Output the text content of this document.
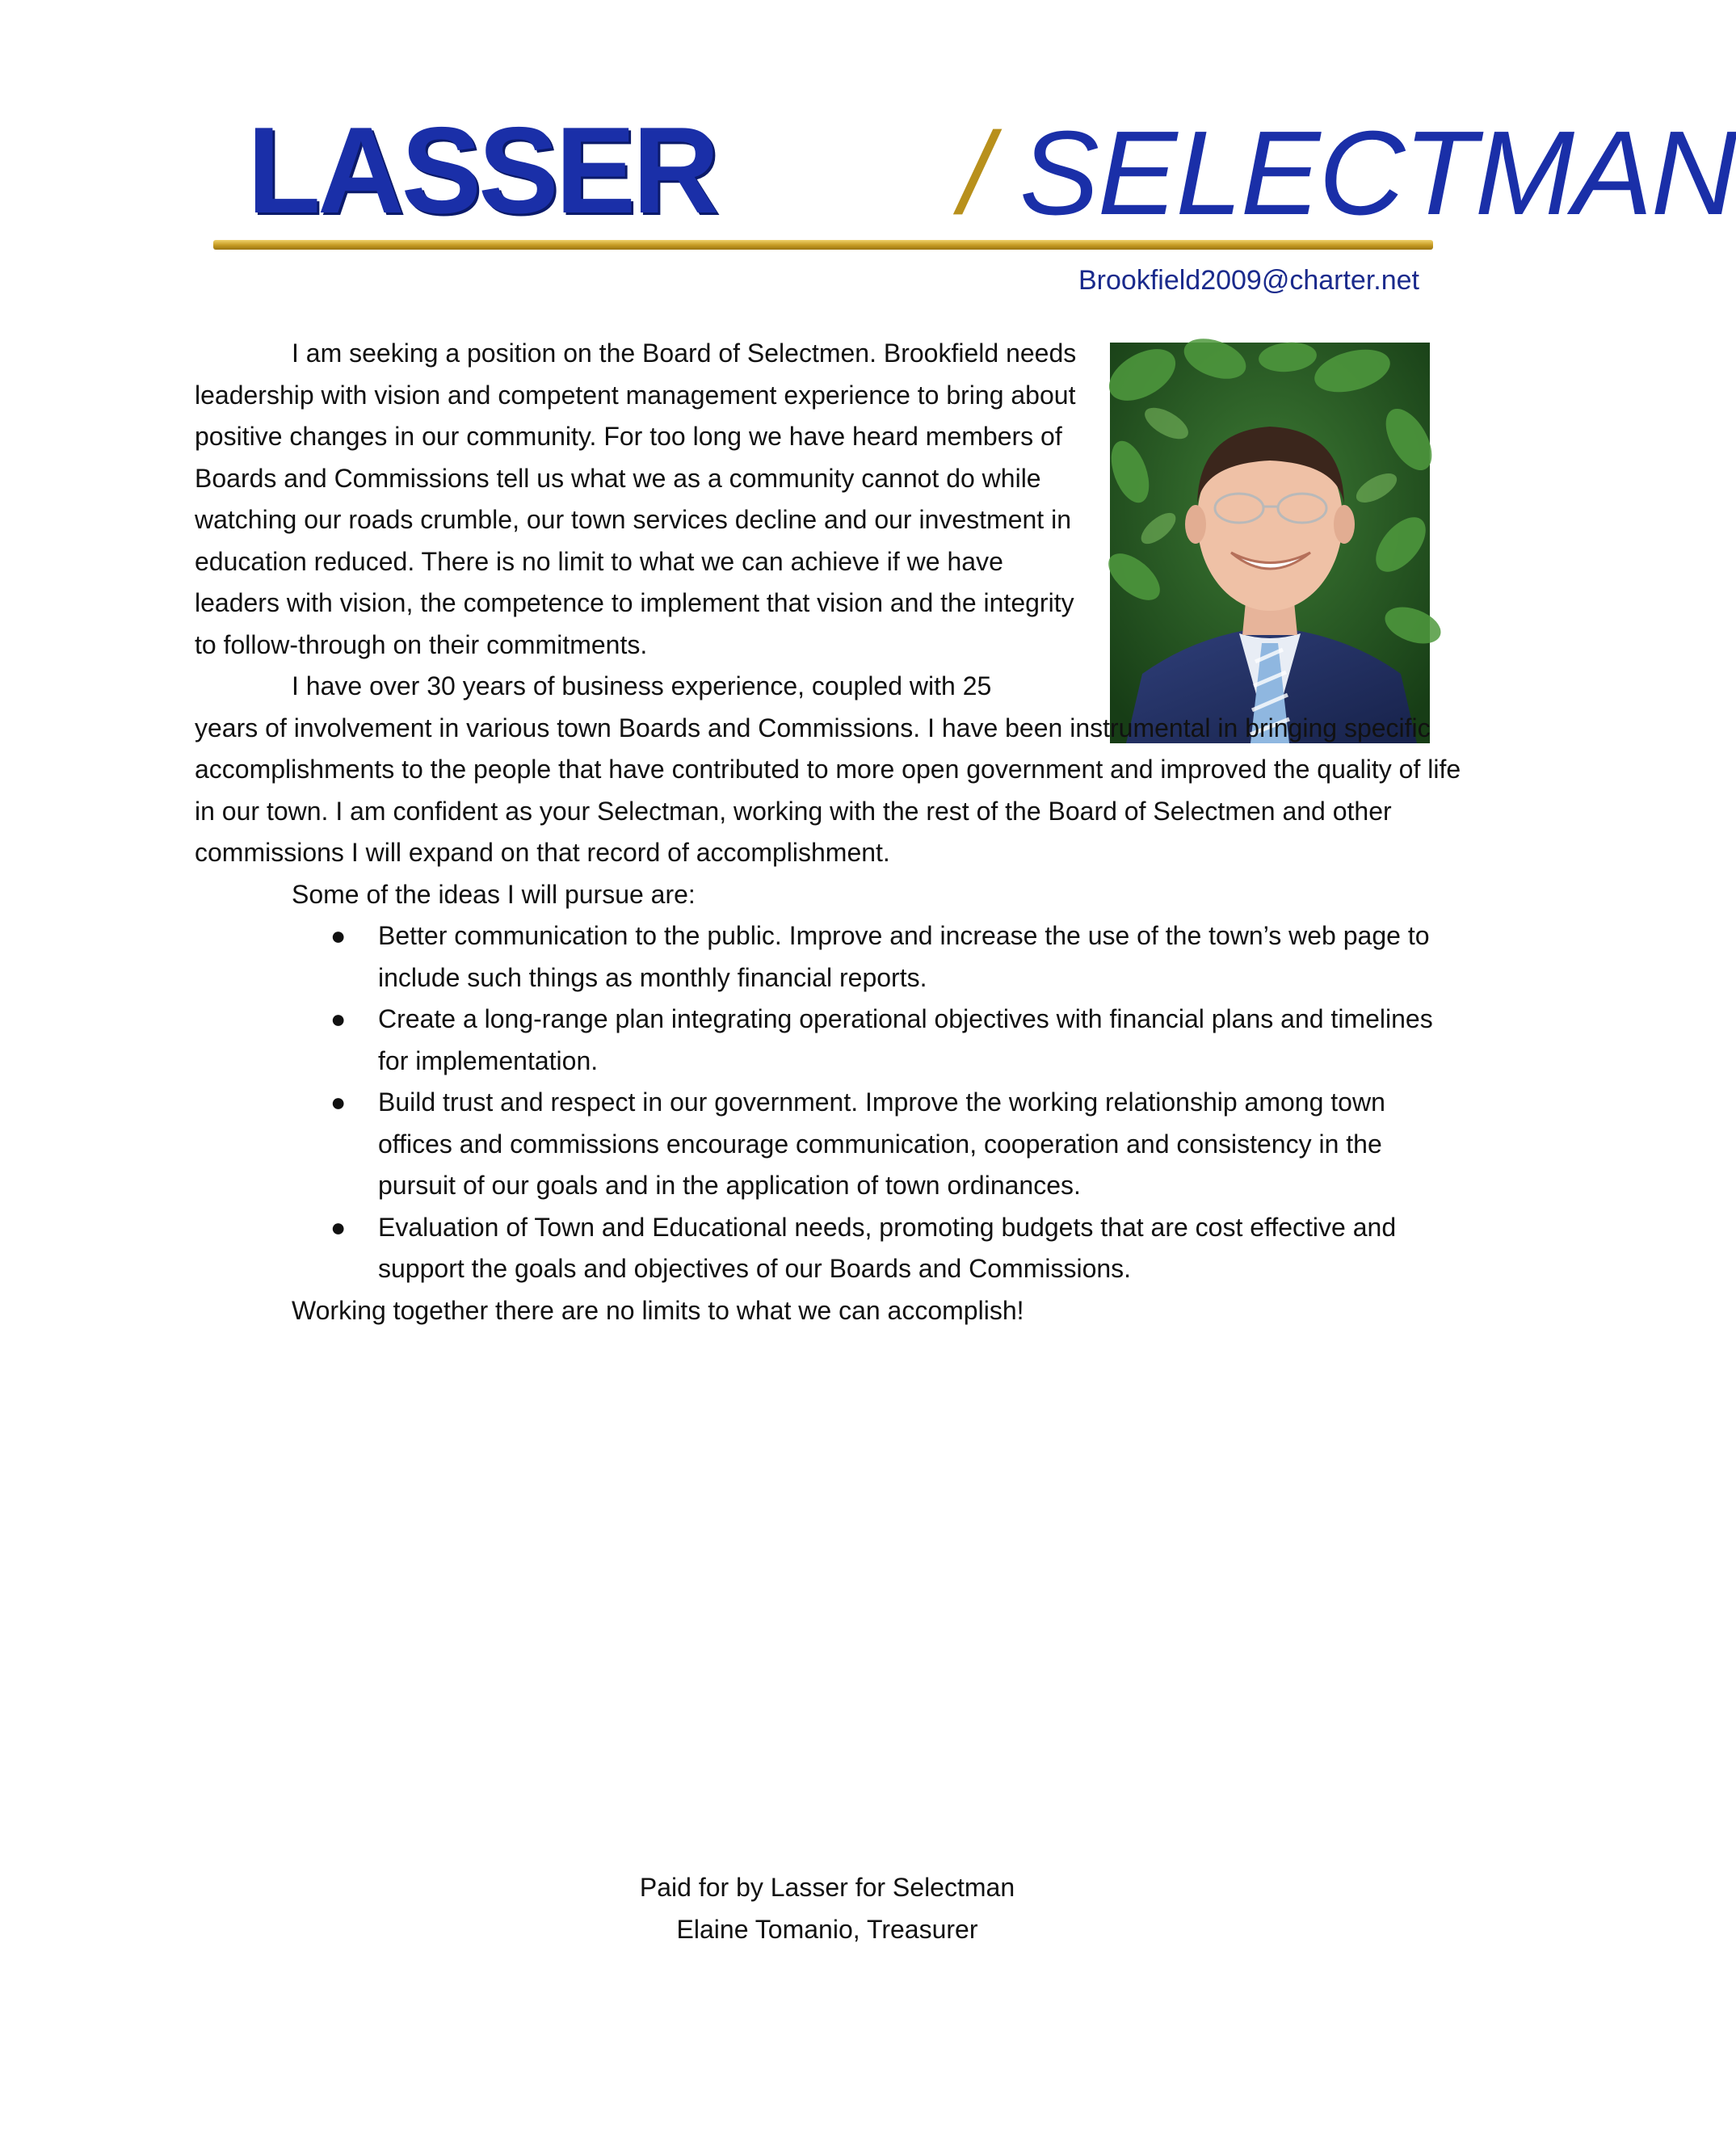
LASSER / SELECTMAN
Brookfield2009@charter.net

I am seeking a position on the Board of Selectmen. Brookfield needs leadership with vision and competent management experience to bring about positive changes in our community. For too long we have heard members of Boards and Commissions tell us what we as a community cannot do while watching our roads crumble, our town services decline and our investment in education reduced. There is no limit to what we can achieve if we have leaders with vision, the competence to implement that vision and the integrity to follow-through on their commitments.

I have over 30 years of business experience, coupled with 25
years of involvement in various town Boards and Commissions. I have been instrumental in bringing specific accomplishments to the people that have contributed to more open government and improved the quality of life in our town. I am confident as your Selectman, working with the rest of the Board of Selectmen and other commissions I will expand on that record of accomplishment.

Some of the ideas I will pursue are:

● Better communication to the public. Improve and increase the use of the town’s web page to include such things as monthly financial reports.
● Create a long-range plan integrating operational objectives with financial plans and timelines for implementation.
● Build trust and respect in our government. Improve the working relationship among town offices and commissions encourage communication, cooperation and consistency in the pursuit of our goals and in the application of town ordinances.
● Evaluation of Town and Educational needs, promoting budgets that are cost effective and support the goals and objectives of our Boards and Commissions.

Working together there are no limits to what we can accomplish!

Paid for by Lasser for Selectman
Elaine Tomanio, Treasurer
